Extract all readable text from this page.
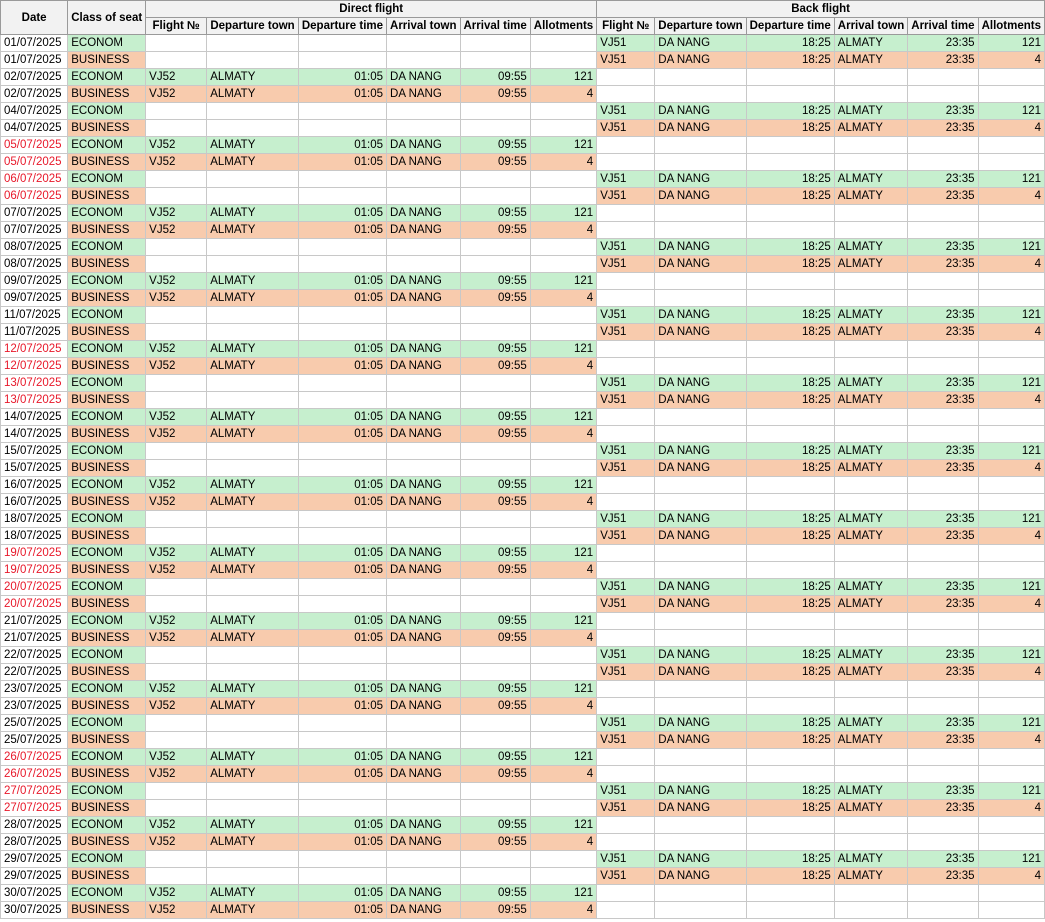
Date	Class of seat	Direct flight						Back flight					
		Flight №	Departure town	Departure time	Arrival town	Arrival time	Allotments	Flight №	Departure town	Departure time	Arrival town	Arrival time	Allotments
01/07/2025	ECONOM							VJ51	DA NANG	18:25	ALMATY	23:35	121
01/07/2025	BUSINESS							VJ51	DA NANG	18:25	ALMATY	23:35	4
02/07/2025	ECONOM	VJ52	ALMATY	01:05	DA NANG	09:55	121						
02/07/2025	BUSINESS	VJ52	ALMATY	01:05	DA NANG	09:55	4						
04/07/2025	ECONOM							VJ51	DA NANG	18:25	ALMATY	23:35	121
04/07/2025	BUSINESS							VJ51	DA NANG	18:25	ALMATY	23:35	4
05/07/2025	ECONOM	VJ52	ALMATY	01:05	DA NANG	09:55	121						
05/07/2025	BUSINESS	VJ52	ALMATY	01:05	DA NANG	09:55	4						
06/07/2025	ECONOM							VJ51	DA NANG	18:25	ALMATY	23:35	121
06/07/2025	BUSINESS							VJ51	DA NANG	18:25	ALMATY	23:35	4
07/07/2025	ECONOM	VJ52	ALMATY	01:05	DA NANG	09:55	121						
07/07/2025	BUSINESS	VJ52	ALMATY	01:05	DA NANG	09:55	4						
08/07/2025	ECONOM							VJ51	DA NANG	18:25	ALMATY	23:35	121
08/07/2025	BUSINESS							VJ51	DA NANG	18:25	ALMATY	23:35	4
09/07/2025	ECONOM	VJ52	ALMATY	01:05	DA NANG	09:55	121						
09/07/2025	BUSINESS	VJ52	ALMATY	01:05	DA NANG	09:55	4						
11/07/2025	ECONOM							VJ51	DA NANG	18:25	ALMATY	23:35	121
11/07/2025	BUSINESS							VJ51	DA NANG	18:25	ALMATY	23:35	4
12/07/2025	ECONOM	VJ52	ALMATY	01:05	DA NANG	09:55	121						
12/07/2025	BUSINESS	VJ52	ALMATY	01:05	DA NANG	09:55	4						
13/07/2025	ECONOM							VJ51	DA NANG	18:25	ALMATY	23:35	121
13/07/2025	BUSINESS							VJ51	DA NANG	18:25	ALMATY	23:35	4
14/07/2025	ECONOM	VJ52	ALMATY	01:05	DA NANG	09:55	121						
14/07/2025	BUSINESS	VJ52	ALMATY	01:05	DA NANG	09:55	4						
15/07/2025	ECONOM							VJ51	DA NANG	18:25	ALMATY	23:35	121
15/07/2025	BUSINESS							VJ51	DA NANG	18:25	ALMATY	23:35	4
16/07/2025	ECONOM	VJ52	ALMATY	01:05	DA NANG	09:55	121						
16/07/2025	BUSINESS	VJ52	ALMATY	01:05	DA NANG	09:55	4						
18/07/2025	ECONOM							VJ51	DA NANG	18:25	ALMATY	23:35	121
18/07/2025	BUSINESS							VJ51	DA NANG	18:25	ALMATY	23:35	4
19/07/2025	ECONOM	VJ52	ALMATY	01:05	DA NANG	09:55	121						
19/07/2025	BUSINESS	VJ52	ALMATY	01:05	DA NANG	09:55	4						
20/07/2025	ECONOM							VJ51	DA NANG	18:25	ALMATY	23:35	121
20/07/2025	BUSINESS							VJ51	DA NANG	18:25	ALMATY	23:35	4
21/07/2025	ECONOM	VJ52	ALMATY	01:05	DA NANG	09:55	121						
21/07/2025	BUSINESS	VJ52	ALMATY	01:05	DA NANG	09:55	4						
22/07/2025	ECONOM							VJ51	DA NANG	18:25	ALMATY	23:35	121
22/07/2025	BUSINESS							VJ51	DA NANG	18:25	ALMATY	23:35	4
23/07/2025	ECONOM	VJ52	ALMATY	01:05	DA NANG	09:55	121						
23/07/2025	BUSINESS	VJ52	ALMATY	01:05	DA NANG	09:55	4						
25/07/2025	ECONOM							VJ51	DA NANG	18:25	ALMATY	23:35	121
25/07/2025	BUSINESS							VJ51	DA NANG	18:25	ALMATY	23:35	4
26/07/2025	ECONOM	VJ52	ALMATY	01:05	DA NANG	09:55	121						
26/07/2025	BUSINESS	VJ52	ALMATY	01:05	DA NANG	09:55	4						
27/07/2025	ECONOM							VJ51	DA NANG	18:25	ALMATY	23:35	121
27/07/2025	BUSINESS							VJ51	DA NANG	18:25	ALMATY	23:35	4
28/07/2025	ECONOM	VJ52	ALMATY	01:05	DA NANG	09:55	121						
28/07/2025	BUSINESS	VJ52	ALMATY	01:05	DA NANG	09:55	4						
29/07/2025	ECONOM							VJ51	DA NANG	18:25	ALMATY	23:35	121
29/07/2025	BUSINESS							VJ51	DA NANG	18:25	ALMATY	23:35	4
30/07/2025	ECONOM	VJ52	ALMATY	01:05	DA NANG	09:55	121						
30/07/2025	BUSINESS	VJ52	ALMATY	01:05	DA NANG	09:55	4						
